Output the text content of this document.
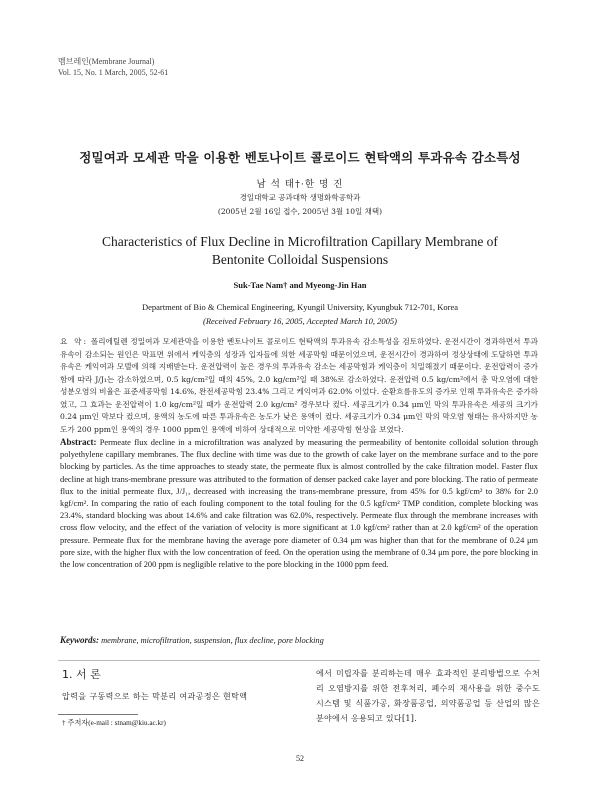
멤브레인(Membrane Journal)
Vol. 15, No. 1 March, 2005, 52-61
정밀여과 모세관 막을 이용한 벤토나이트 콜로이드 현탁액의 투과유속 감소특성
남 석 태†·한 명 진
경일대학교 공과대학 생명화학공학과
(2005년 2월 16일 접수, 2005년 3월 10일 채택)
Characteristics of Flux Decline in Microfiltration Capillary Membrane of
Bentonite Colloidal Suspensions
Suk-Tae Nam† and Myeong-Jin Han
Department of Bio & Chemical Engineering, Kyungil University, Kyungbuk 712-701, Korea
(Received February 16, 2005, Accepted March 10, 2005)
요 약: 폴리에틸렌 정밀여과 모세관막을 이용한 벤토나이트 콜로이드 현탁액의 투과유속 감소특성을 검토하였다. 운전시간이 경과하면서 투과유속이 감소되는 원인은 막표면 위에서 케익층의 성장과 입자들에 의한 세공막힘 때문이었으며, 운전시간이 경과하여 정상상태에 도달하면 투과유속은 케익여과 모델에 의해 지배받는다. 운전압력이 높은 경우의 투과유속 감소는 세공막힘과 케익층이 치밀해졌기 때문이다. 운전압력이 증가함에 따라 J/J₁는 감소하였으며, 0.5 kg/cm²일 때의 45%, 2.0 kg/cm²일 때 38%로 감소하였다. 운전압력 0.5 kg/cm²에서 총 막오염에 대한 성분오염의 비율은 표준세공막힘 14.6%, 완전세공막힘 23.4% 그리고 케익여과 62.0% 이었다. 순환흐름유도의 증가로 인해 투과유속은 증가하였고, 그 효과는 운전압력이 1.0 kg/cm²일 때가 운전압력 2.0 kg/cm² 경우보다 컸다. 세공크기가 0.34 μm인 막의 투과유속은 세공의 크기가 0.24 μm인 막보다 컸으며, 용액의 농도에 따른 투과유속은 농도가 낮은 용액이 컸다. 세공크기가 0.34 μm인 막의 막오염 형태는 유사하지만 농도가 200 ppm인 용액의 경우 1000 ppm인 용액에 비하여 상대적으로 미약한 세공막힘 현상을 보였다.
Abstract: Permeate flux decline in a microfiltration was analyzed by measuring the permeability of bentonite colloidal solution through polyethylene capillary membranes. The flux decline with time was due to the growth of cake layer on the membrane surface and to the pore blocking by particles. As the time approaches to steady state, the permeate flux is almost controlled by the cake filtration model. Faster flux decline at high trans-membrane pressure was attributed to the formation of denser packed cake layer and pore blocking. The ratio of permeate flux to the initial permeate flux, J/J₁, decreased with increasing the trans-membrane pressure, from 45% for 0.5 kgf/cm² to 38% for 2.0 kgf/cm². In comparing the ratio of each fouling component to the total fouling for the 0.5 kgf/cm² TMP condition, complete blocking was 23.4%, standard blocking was about 14.6% and cake filtration was 62.0%, respectively. Permeate flux through the membrane increases with cross flow velocity, and the effect of the variation of velocity is more significant at 1.0 kgf/cm² rather than at 2.0 kgf/cm² of the operation pressure. Permeate flux for the membrane having the average pore diameter of 0.34 μm was higher than that for the membrane of 0.24 μm pore size, with the higher flux with the low concentration of feed. On the operation using the membrane of 0.34 μm pore, the pore blocking in the low concentration of 200 ppm is negligible relative to the pore blocking in the 1000 ppm feed.
Keywords: membrane, microfiltration, suspension, flux decline, pore blocking
1. 서 론
압력을 구동력으로 하는 막분리 여과공정은 현탁액
† 주저자(e-mail : stnam@kiu.ac.kr)
에서 미립자를 분리하는데 매우 효과적인 분리방법으로 수처리 오염방지를 위한 전후처리, 폐수의 재사용을 위한 중수도 시스템 및 식품가공, 화장품공업, 의약품공업 등 산업의 많은 분야에서 응용되고 있다[1].
52
